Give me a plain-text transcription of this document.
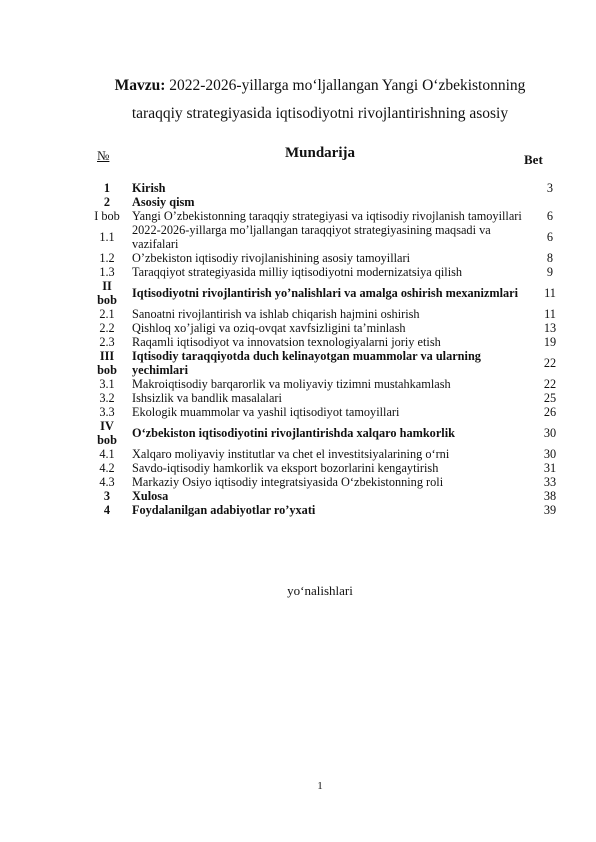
Mavzu: 2022-2026-yillarga mo‘ljallangan Yangi O‘zbekistonning
taraqqiy strategiyasida iqtisodiyotni rivojlantirishning asosiy
№	Mundarija	Bet
1	Kirish	3
2	Asosiy qism	
I bob	Yangi O’zbekistonning taraqqiy strategiyasi va iqtisodiy rivojlanish tamoyillari	6
1.1	2022-2026-yillarga mo’ljallangan taraqqiyot strategiyasining maqsadi va vazifalari	6
1.2	O’zbekiston iqtisodiy rivojlanishining asosiy tamoyillari	8
1.3	Taraqqiyot strategiyasida milliy iqtisodiyotni modernizatsiya qilish	9
II bob	Iqtisodiyotni rivojlantirish yo’nalishlari va amalga oshirish mexanizmlari	11
2.1	Sanoatni rivojlantirish va ishlab chiqarish hajmini oshirish	11
2.2	Qishloq xo’jaligi va oziq-ovqat xavfsizligini ta’minlash	13
2.3	Raqamli iqtisodiyot va innovatsion texnologiyalarni joriy etish	19
III bob	Iqtisodiy taraqqiyotda duch kelinayotgan muammolar va ularning yechimlari	22
3.1	Makroiqtisodiy barqarorlik va moliyaviy tizimni mustahkamlash	22
3.2	Ishsizlik va bandlik masalalari	25
3.3	Ekologik muammolar va yashil iqtisodiyot tamoyillari	26
IV bob	O‘zbekiston iqtisodiyotini rivojlantirishda xalqaro hamkorlik	30
4.1	Xalqaro moliyaviy institutlar va chet el investitsiyalarining o‘rni	30
4.2	Savdo-iqtisodiy hamkorlik va eksport bozorlarini kengaytirish	31
4.3	Markaziy Osiyo iqtisodiy integratsiyasida O‘zbekistonning roli	33
3	Xulosa	38
4	Foydalanilgan adabiyotlar ro’yxati	39
yo‘nalishlari
1
